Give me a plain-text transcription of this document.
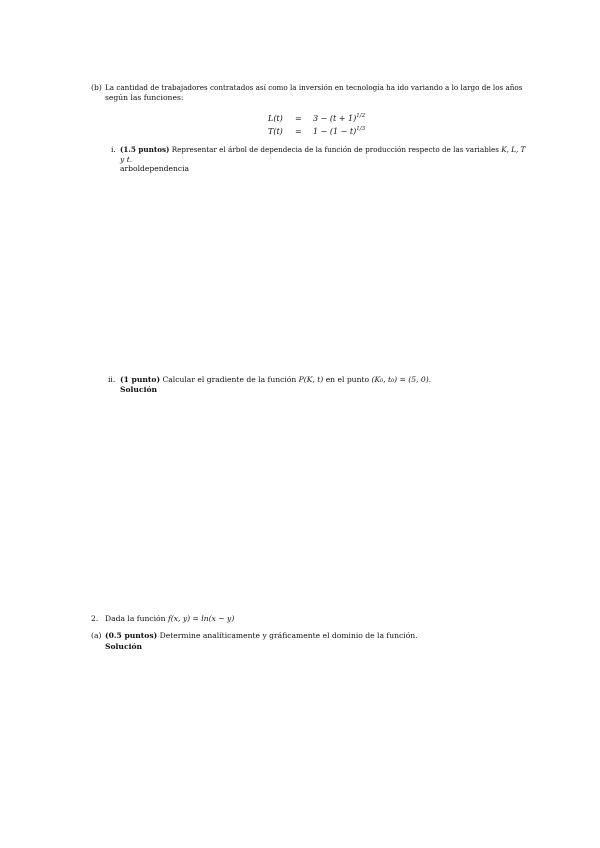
(b) La cantidad de trabajadores contratados así como la inversión en tecnología ha ido variando a lo largo de los años
según las funciones:
$L(t) = 3 - (t + 1)^{1/2}$
$T(t) = 1 - (1 - t)^{1/3}$
i. (1.5 puntos) Representar el árbol de dependecia de la función de producción respecto de las variables K, L, T
y t.
arboldependencia
ii. (1 punto) Calcular el gradiente de la función P(K, t) en el punto (K₀, t₀) = (5, 0).
Solución
2. Dada la función f(x, y) = ln(x − y)
(a) (0.5 puntos) Determine analíticamente y gráficamente el dominio de la función.
Solución
